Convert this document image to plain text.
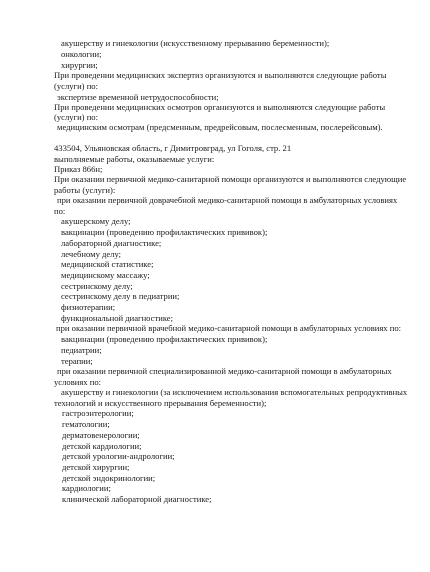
акушерству и гинекологии (искусственному прерыванию беременности);
онкологии;
хирургии;
При проведении медицинских экспертиз организуются и выполняются следующие работы
(услуги) по:
экспертизе временной нетрудоспособности;
При проведении медицинских осмотров организуются и выполняются следующие работы
(услуги) по:
медицинским осмотрам (предсменным, предрейсовым, послесменным, послерейсовым).
433504, Ульяновская область, г Димитровград, ул Гоголя, стр. 21
выполняемые работы, оказываемые услуги:
Приказ 866н;
При оказании первичной медико-санитарной помощи организуются и выполняются следующие
работы (услуги):
при оказании первичной доврачебной медико-санитарной помощи в амбулаторных условиях
по:
акушерскому делу;
вакцинации (проведению профилактических прививок);
лабораторной диагностике;
лечебному делу;
медицинской статистике;
медицинскому массажу;
сестринскому делу;
сестринскому делу в педиатрии;
физиотерапии;
функциональной диагностике;
при оказании первичной врачебной медико-санитарной помощи в амбулаторных условиях по:
вакцинации (проведению профилактических прививок);
педиатрии;
терапии;
при оказании первичной специализированной медико-санитарной помощи в амбулаторных
условиях по:
акушерству и гинекологии (за исключением использования вспомогательных репродуктивных
технологий и искусственного прерывания беременности);
гастроэнтерологии;
гематологии;
дерматовенерологии;
детской кардиологии;
детской урологии-андрологии;
детской хирургии;
детской эндокринологии;
кардиологии;
клинической лабораторной диагностике;
